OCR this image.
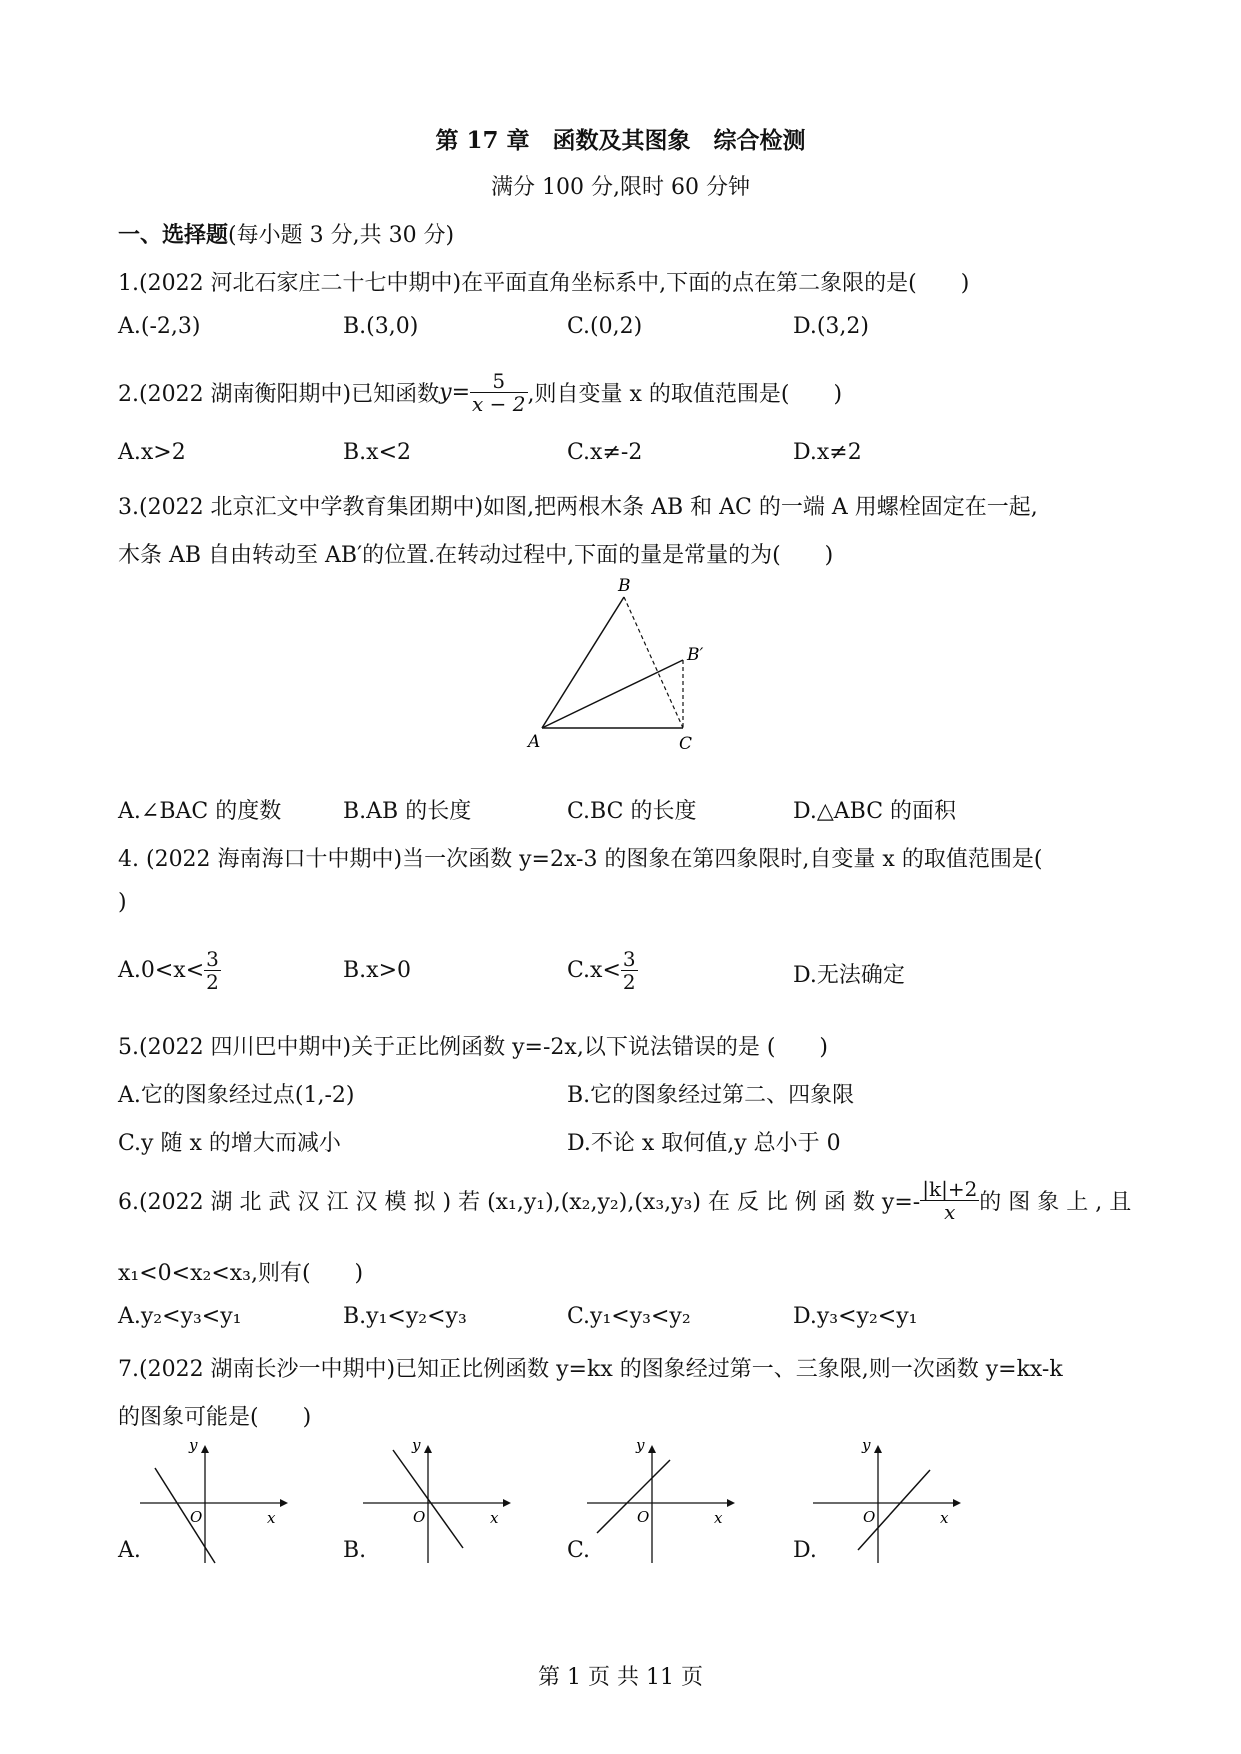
第 17 章　函数及其图象　综合检测
满分 100 分,限时 60 分钟
一、选择题(每小题 3 分,共 30 分)
1.(2022 河北石家庄二十七中期中)在平面直角坐标系中,下面的点在第二象限的是(　　)
A.(-2,3)	B.(3,0)	C.(0,2)	D.(3,2)
2.(2022 湖南衡阳期中)已知函数 $y= \frac{5}{x - 2}$ ,则自变量 x 的取值范围是(　　)
A.x>2	B.x<2	C.x≠-2	D.x≠2
3.(2022 北京汇文中学教育集团期中)如图,把两根木条 AB 和 AC 的一端 A 用螺栓固定在一起,
木条 AB 自由转动至 AB′的位置.在转动过程中,下面的量是常量的为(　　)
B
B′
A	C
A.∠BAC 的度数	B.AB 的长度	C.BC 的长度	D.△ABC 的面积
4. (2022 海南海口十中期中)当一次函数 y=2x-3 的图象在第四象限时,自变量 x 的取值范围是(
)
$A.0<x< \frac{3}{2}$	B.x>0	$C.x< \frac{3}{2}$	D.无法确定
5.(2022 四川巴中期中)关于正比例函数 y=-2x,以下说法错误的是 (　　)
A.它的图象经过点(1,-2)	B.它的图象经过第二、四象限
C.y 随 x 的增大而减小	D.不论 x 取何值,y 总小于 0
6.(2022 湖 北 武 汉 江 汉 模 拟 ) 若 (x₁,y₁),(x₂,y₂),(x₃,y₃) 在 反 比 例 函 数 $y=- \frac{|k|+2}{x}$ 的 图 象 上 , 且
x₁<0<x₂<x₃,则有(　　)
A.y₂<y₃<y₁	B.y₁<y₂<y₃	C.y₁<y₃<y₂	D.y₃<y₂<y₁
7.(2022 湖南长沙一中期中)已知正比例函数 y=kx 的图象经过第一、三象限,则一次函数 y=kx-k
的图象可能是(　　)
y
x
O
A.
y
x
O
B.
y
x
O
C.
y
x
O
D.
第 1 页 共 11 页
